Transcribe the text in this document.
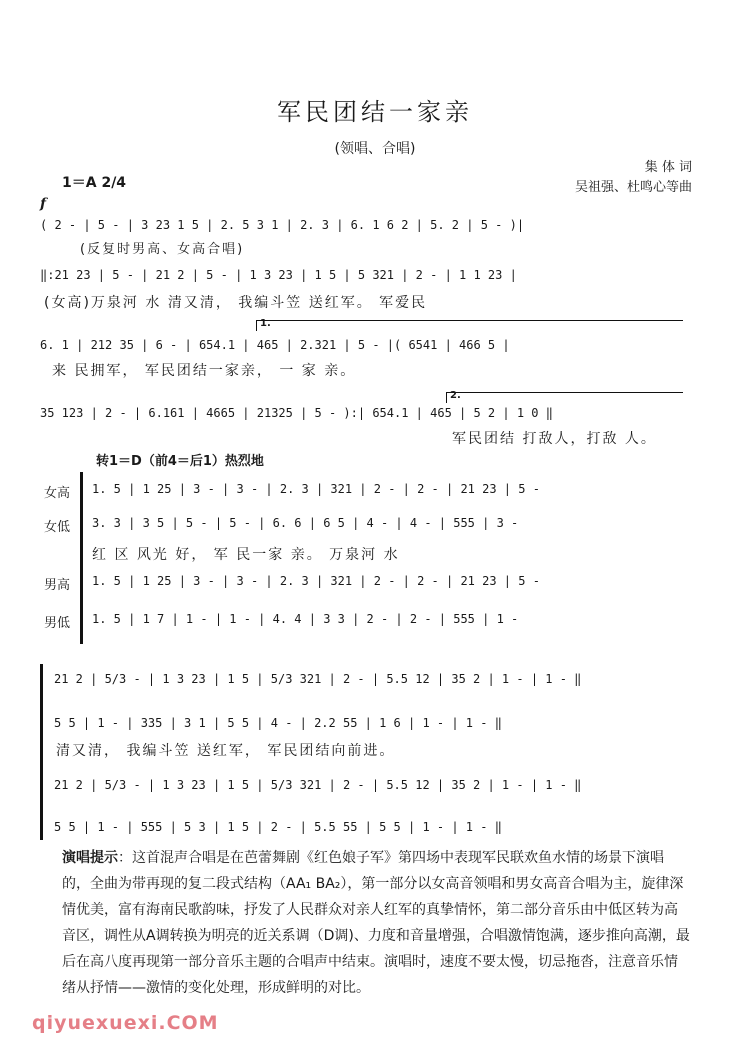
军民团结一家亲
(领唱、合唱)
集 体 词
吴祖强、杜鸣心等曲
1＝A 2/4
f
( 2 - | 5 - | 3 23 1 5 | 2. 5 3 1 | 2. 3 | 6. 1 6 2 | 5. 2 | 5 - )|
(反复时男高、女高合唱)
‖:21 23 | 5 - | 21 2 | 5 - | 1 3 23 | 1 5 | 5 321 | 2 - | 1 1 23 |
(女高)万泉河 水 清又清， 我编斗笠 送红军。 军爱民
1.
6. 1 | 212 35 | 6 - | 654.1 | 465 | 2.321 | 5 - |( 6541 | 466 5 |
来 民拥军， 军民团结一家亲， 一 家 亲。
2.
35 123 | 2 - | 6.161 | 4665 | 21325 | 5 - ):| 654.1 | 465 | 5 2 | 1 0 ‖
军民团结 打敌人，打敌 人。
转1＝D（前4＝后1）热烈地
女高 1. 5 | 1 25 | 3 - | 3 - | 2. 3 | 321 | 2 - | 2 - | 21 23 | 5 -
女低 3. 3 | 3 5 | 5 - | 5 - | 6. 6 | 6 5 | 4 - | 4 - | 555 | 3 -
红 区 风光 好， 军 民一家 亲。 万泉河 水
男高 1. 5 | 1 25 | 3 - | 3 - | 2. 3 | 321 | 2 - | 2 - | 21 23 | 5 -
男低 1. 5 | 1 7 | 1 - | 1 - | 4. 4 | 3 3 | 2 - | 2 - | 555 | 1 -
21 2 | 5/3 - | 1 3 23 | 1 5 | 5/3 321 | 2 - | 5.5 12 | 35 2 | 1 - | 1 - ‖
5 5 | 1 - | 335 | 3 1 | 5 5 | 4 - | 2.2 55 | 1 6 | 1 - | 1 - ‖
清又清， 我编斗笠 送红军， 军民团结向前进。
21 2 | 5/3 - | 1 3 23 | 1 5 | 5/3 321 | 2 - | 5.5 12 | 35 2 | 1 - | 1 - ‖
5 5 | 1 - | 555 | 5 3 | 1 5 | 2 - | 5.5 55 | 5 5 | 1 - | 1 - ‖
演唱提示：这首混声合唱是在芭蕾舞剧《红色娘子军》第四场中表现军民联欢鱼水情的场景下演唱的，全曲为带再现的复二段式结构（AA₁ BA₂），第一部分以女高音领唱和男女高音合唱为主，旋律深情优美，富有海南民歌韵味，抒发了人民群众对亲人红军的真挚情怀，第二部分音乐由中低区转为高音区，调性从A调转换为明亮的近关系调（D调)、力度和音量增强，合唱激情饱满，逐步推向高潮，最后在高八度再现第一部分音乐主题的合唱声中结束。演唱时，速度不要太慢，切忌拖沓，注意音乐情绪从抒情——激情的变化处理，形成鲜明的对比。
qiyuexuexi.COM
